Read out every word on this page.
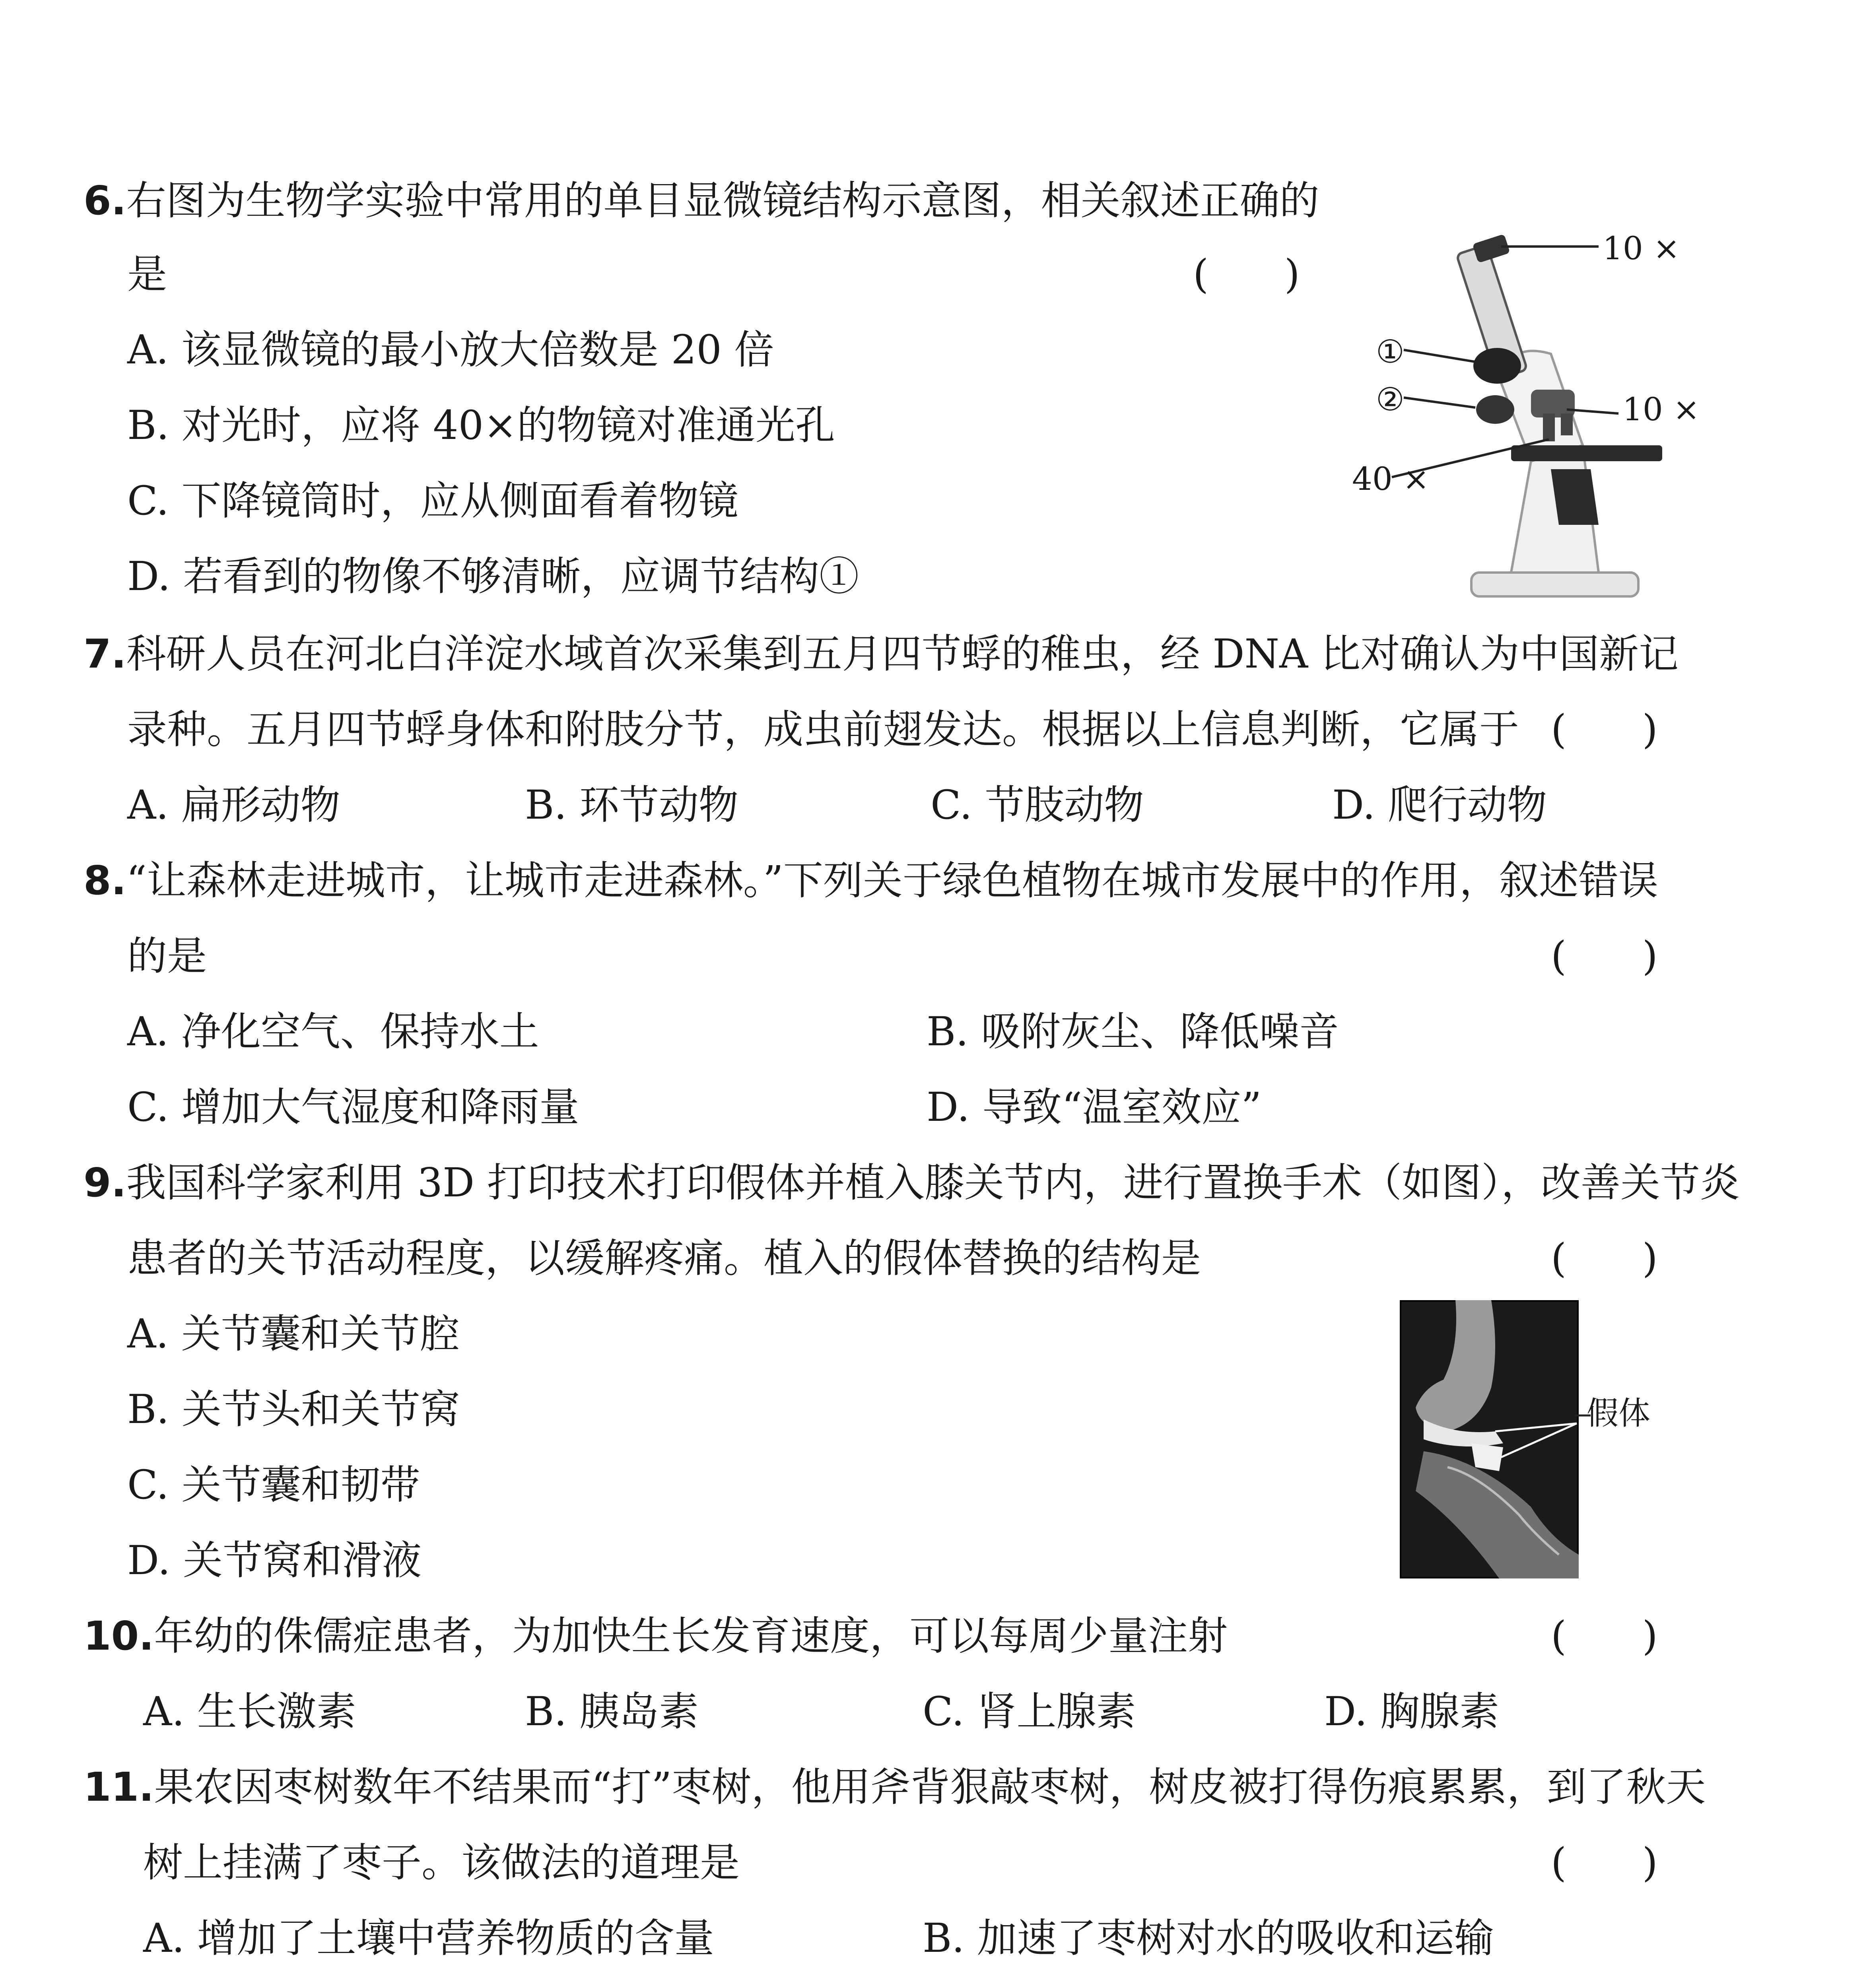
6.右图为生物学实验中常用的单目显微镜结构示意图，相关叙述正确的
是	(      )
A. 该显微镜的最小放大倍数是 20 倍
B. 对光时，应将 40×的物镜对准通光孔
C. 下降镜筒时，应从侧面看着物镜
D. 若看到的物像不够清晰，应调节结构①
10 ×
①
②	10 ×
40 ×
7.科研人员在河北白洋淀水域首次采集到五月四节蜉的稚虫，经 DNA 比对确认为中国新记
录种。五月四节蜉身体和附肢分节，成虫前翅发达。根据以上信息判断，它属于 (      )
A. 扁形动物	B. 环节动物	C. 节肢动物	D. 爬行动物
8.“让森林走进城市，让城市走进森林。”下列关于绿色植物在城市发展中的作用，叙述错误
的是	(      )
A. 净化空气、保持水土	B. 吸附灰尘、降低噪音
C. 增加大气湿度和降雨量	D. 导致“温室效应”
9.我国科学家利用 3D 打印技术打印假体并植入膝关节内，进行置换手术（如图），改善关节炎
患者的关节活动程度，以缓解疼痛。植入的假体替换的结构是	(      )
A. 关节囊和关节腔
B. 关节头和关节窝
C. 关节囊和韧带
D. 关节窝和滑液
假体
10.年幼的侏儒症患者，为加快生长发育速度，可以每周少量注射	(      )
A. 生长激素	B. 胰岛素	C. 肾上腺素	D. 胸腺素
11.果农因枣树数年不结果而“打”枣树，他用斧背狠敲枣树，树皮被打得伤痕累累，到了秋天
树上挂满了枣子。该做法的道理是	(      )
A. 增加了土壤中营养物质的含量	B. 加速了枣树对水的吸收和运输
